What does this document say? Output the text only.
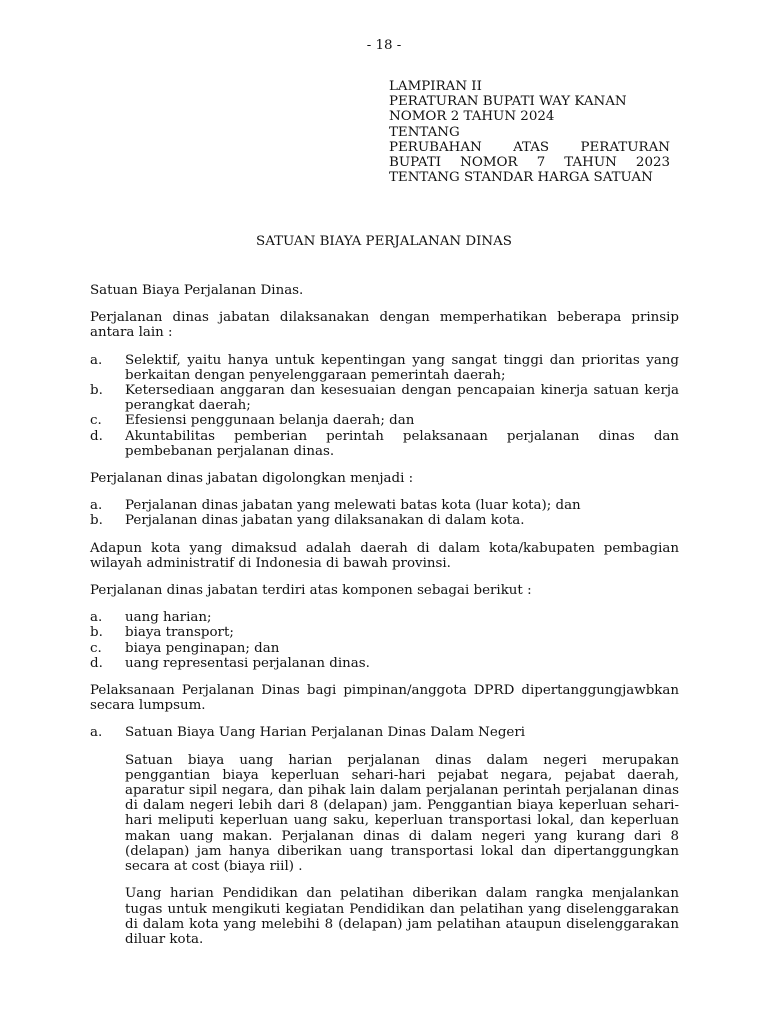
- 18 -
LAMPIRAN II
PERATURAN BUPATI WAY KANAN
NOMOR 2 TAHUN 2024
TENTANG
PERUBAHAN ATAS PERATURAN
BUPATI NOMOR 7 TAHUN 2023
TENTANG STANDAR HARGA SATUAN
SATUAN BIAYA PERJALANAN DINAS

Satuan Biaya Perjalanan Dinas.

Perjalanan dinas jabatan dilaksanakan dengan memperhatikan beberapa prinsip antara lain :

a.	Selektif, yaitu hanya untuk kepentingan yang sangat tinggi dan prioritas yang berkaitan dengan penyelenggaraan pemerintah daerah;
b.	Ketersediaan anggaran dan kesesuaian dengan pencapaian kinerja satuan kerja perangkat daerah;
c.	Efesiensi penggunaan belanja daerah; dan
d.	Akuntabilitas pemberian perintah pelaksanaan perjalanan dinas dan pembebanan perjalanan dinas.

Perjalanan dinas jabatan digolongkan menjadi :

a.	Perjalanan dinas jabatan yang melewati batas kota (luar kota); dan
b.	Perjalanan dinas jabatan yang dilaksanakan di dalam kota.

Adapun kota yang dimaksud adalah daerah di dalam kota/kabupaten pembagian wilayah administratif di Indonesia di bawah provinsi.

Perjalanan dinas jabatan terdiri atas komponen sebagai berikut :

a.	uang harian;
b.	biaya transport;
c.	biaya penginapan; dan
d.	uang representasi perjalanan dinas.

Pelaksanaan Perjalanan Dinas bagi pimpinan/anggota DPRD dipertanggungjawbkan secara lumpsum.

a.	Satuan Biaya Uang Harian Perjalanan Dinas Dalam Negeri

Satuan biaya uang harian perjalanan dinas dalam negeri merupakan penggantian biaya keperluan sehari-hari pejabat negara, pejabat daerah, aparatur sipil negara, dan pihak lain dalam perjalanan perintah perjalanan dinas di dalam negeri lebih dari 8 (delapan) jam. Penggantian biaya keperluan sehari-hari meliputi keperluan uang saku, keperluan transportasi lokal, dan keperluan makan uang makan. Perjalanan dinas di dalam negeri yang kurang dari 8 (delapan) jam hanya diberikan uang transportasi lokal dan dipertanggungkan secara at cost (biaya riil) .

Uang harian Pendidikan dan pelatihan diberikan dalam rangka menjalankan tugas untuk mengikuti kegiatan Pendidikan dan pelatihan yang diselenggarakan di dalam kota yang melebihi 8 (delapan) jam pelatihan ataupun diselenggarakan diluar kota.
